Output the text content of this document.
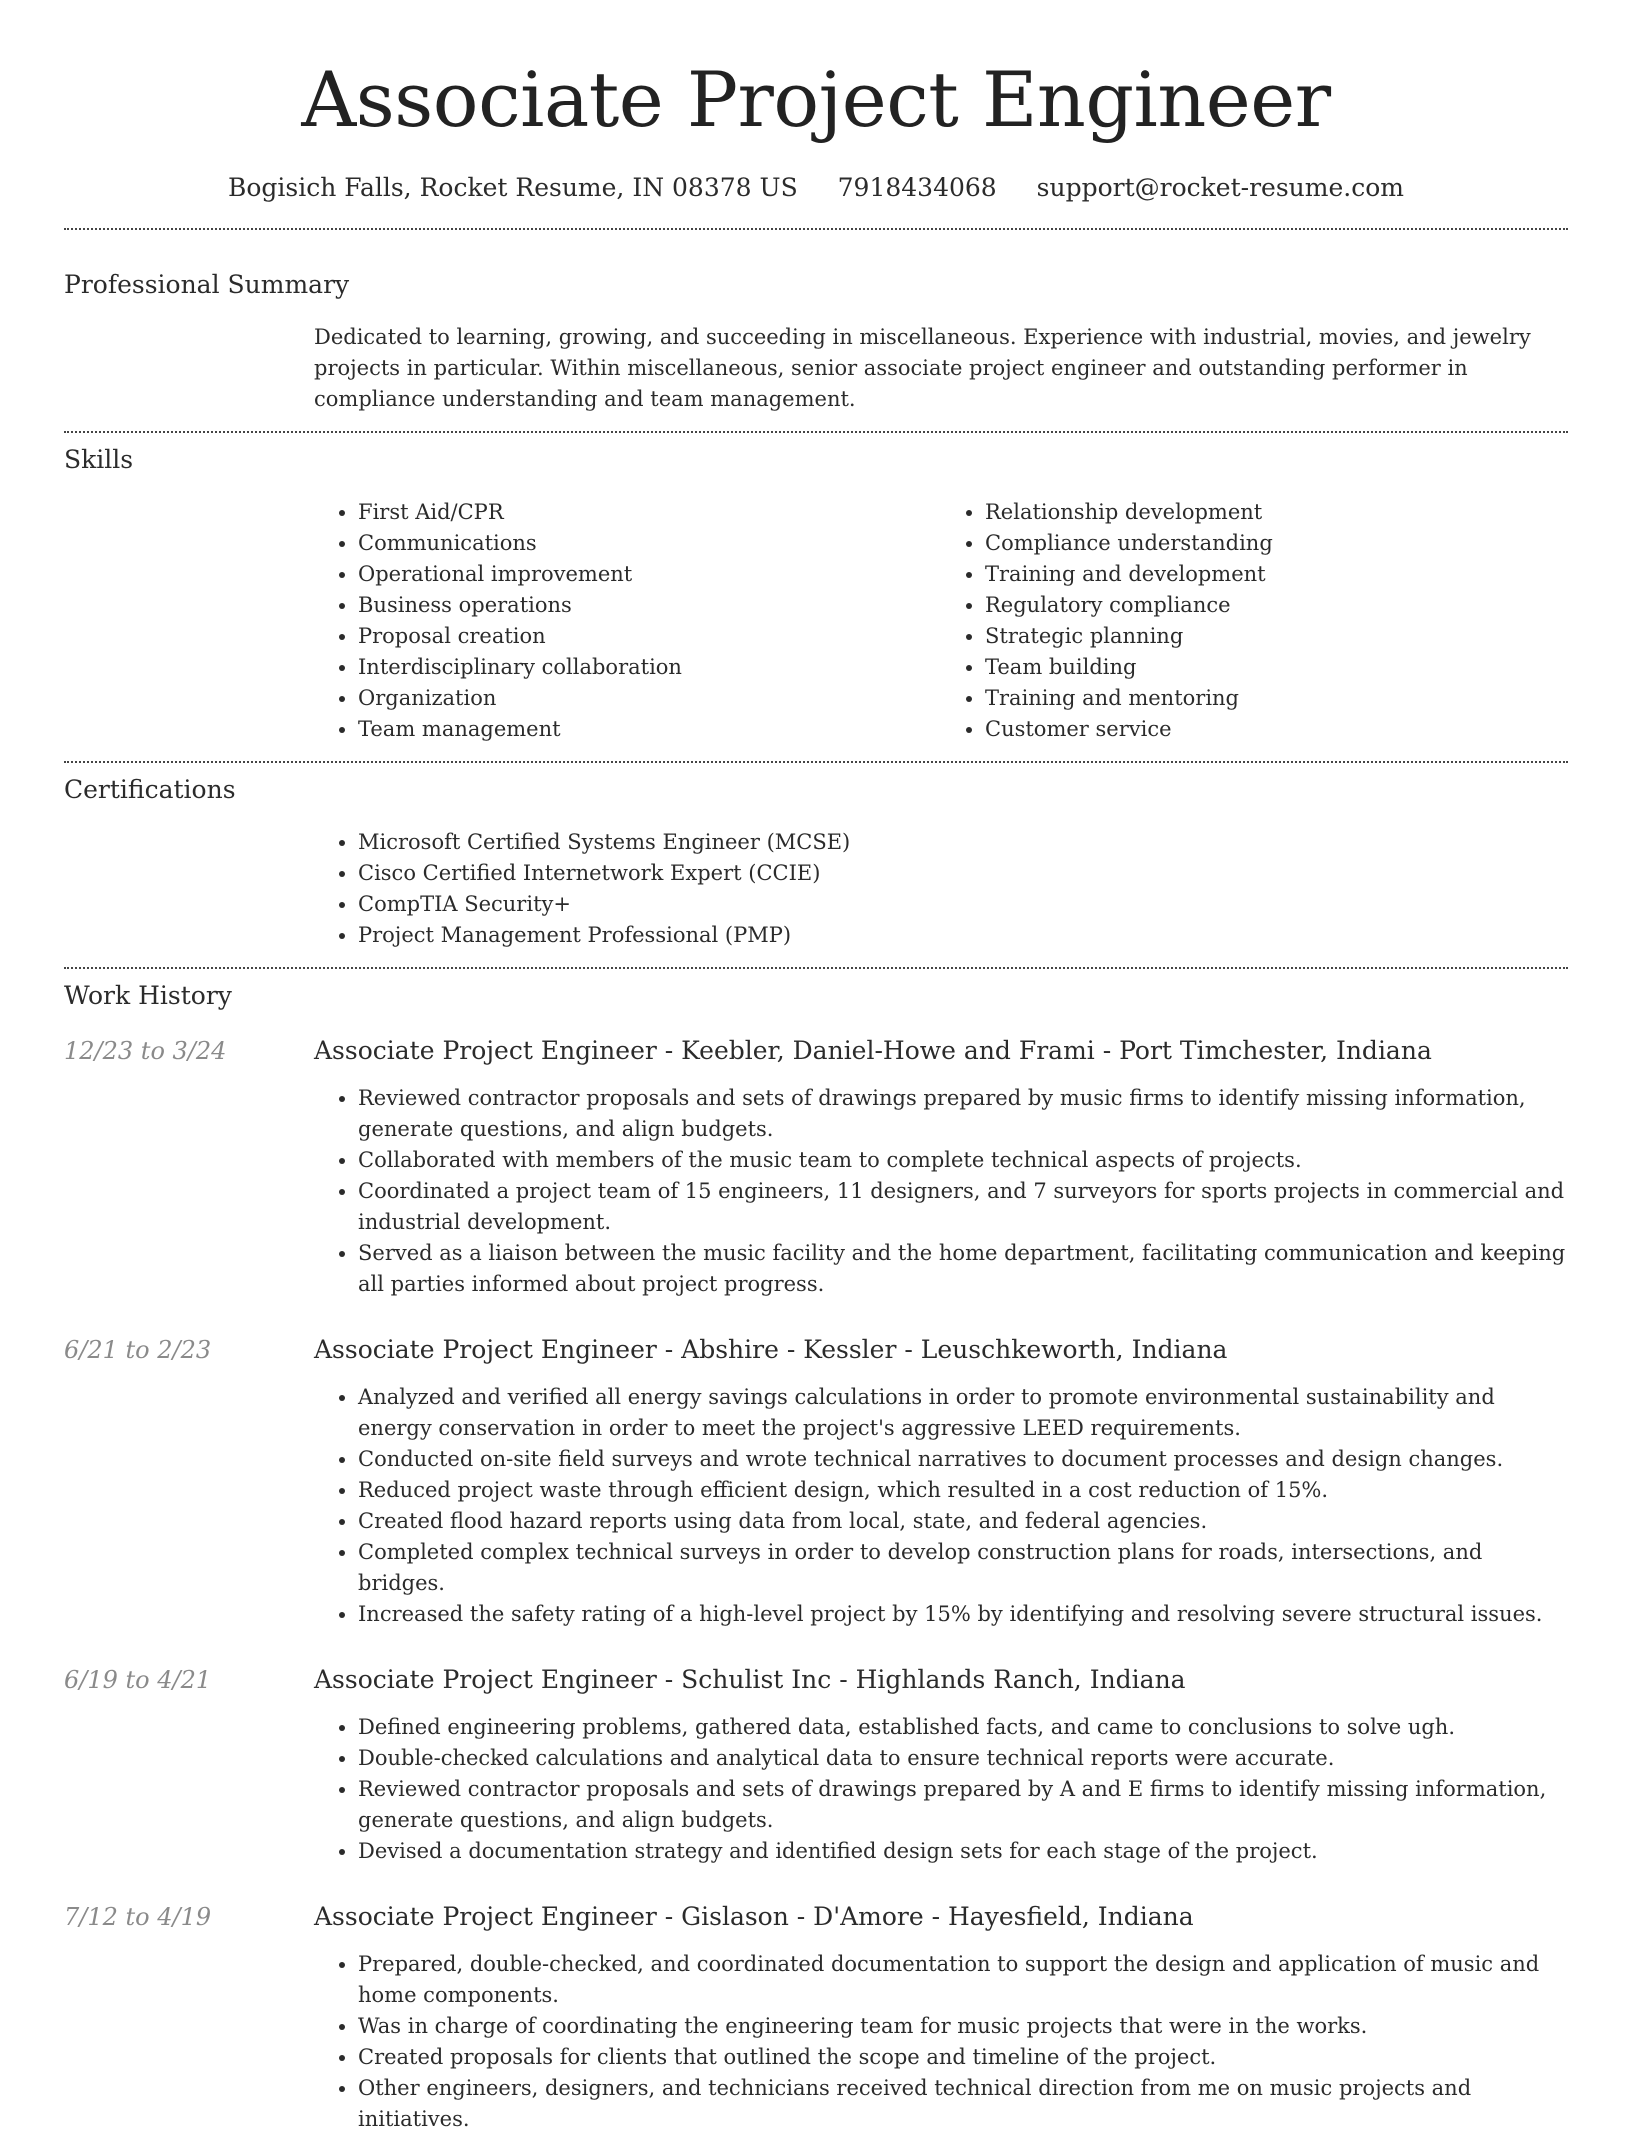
Associate Project Engineer
Bogisich Falls, Rocket Resume, IN 08378 US 7918434068 support@rocket-resume.com
Professional Summary

Dedicated to learning, growing, and succeeding in miscellaneous. Experience with industrial, movies, and jewelry projects in particular. Within miscellaneous, senior associate project engineer and outstanding performer in compliance understanding and team management.

Skills
• First Aid/CPR
• Communications
• Operational improvement
• Business operations
• Proposal creation
• Interdisciplinary collaboration
• Organization
• Team management
• Relationship development
• Compliance understanding
• Training and development
• Regulatory compliance
• Strategic planning
• Team building
• Training and mentoring
• Customer service
Certifications
• Microsoft Certified Systems Engineer (MCSE)
• Cisco Certified Internetwork Expert (CCIE)
• CompTIA Security+
• Project Management Professional (PMP)
Work History
12/23 to 3/24	Associate Project Engineer - Keebler, Daniel-Howe and Frami - Port Timchester, Indiana
• Reviewed contractor proposals and sets of drawings prepared by music firms to identify missing information, generate questions, and align budgets.
• Collaborated with members of the music team to complete technical aspects of projects.
• Coordinated a project team of 15 engineers, 11 designers, and 7 surveyors for sports projects in commercial and industrial development.
• Served as a liaison between the music facility and the home department, facilitating communication and keeping all parties informed about project progress.
6/21 to 2/23	Associate Project Engineer - Abshire - Kessler - Leuschkeworth, Indiana
• Analyzed and verified all energy savings calculations in order to promote environmental sustainability and energy conservation in order to meet the project's aggressive LEED requirements.
• Conducted on-site field surveys and wrote technical narratives to document processes and design changes.
• Reduced project waste through efficient design, which resulted in a cost reduction of 15%.
• Created flood hazard reports using data from local, state, and federal agencies.
• Completed complex technical surveys in order to develop construction plans for roads, intersections, and bridges.
• Increased the safety rating of a high-level project by 15% by identifying and resolving severe structural issues.
6/19 to 4/21	Associate Project Engineer - Schulist Inc - Highlands Ranch, Indiana
• Defined engineering problems, gathered data, established facts, and came to conclusions to solve ugh.
• Double-checked calculations and analytical data to ensure technical reports were accurate.
• Reviewed contractor proposals and sets of drawings prepared by A and E firms to identify missing information, generate questions, and align budgets.
• Devised a documentation strategy and identified design sets for each stage of the project.
7/12 to 4/19	Associate Project Engineer - Gislason - D'Amore - Hayesfield, Indiana
• Prepared, double-checked, and coordinated documentation to support the design and application of music and home components.
• Was in charge of coordinating the engineering team for music projects that were in the works.
• Created proposals for clients that outlined the scope and timeline of the project.
• Other engineers, designers, and technicians received technical direction from me on music projects and initiatives.
